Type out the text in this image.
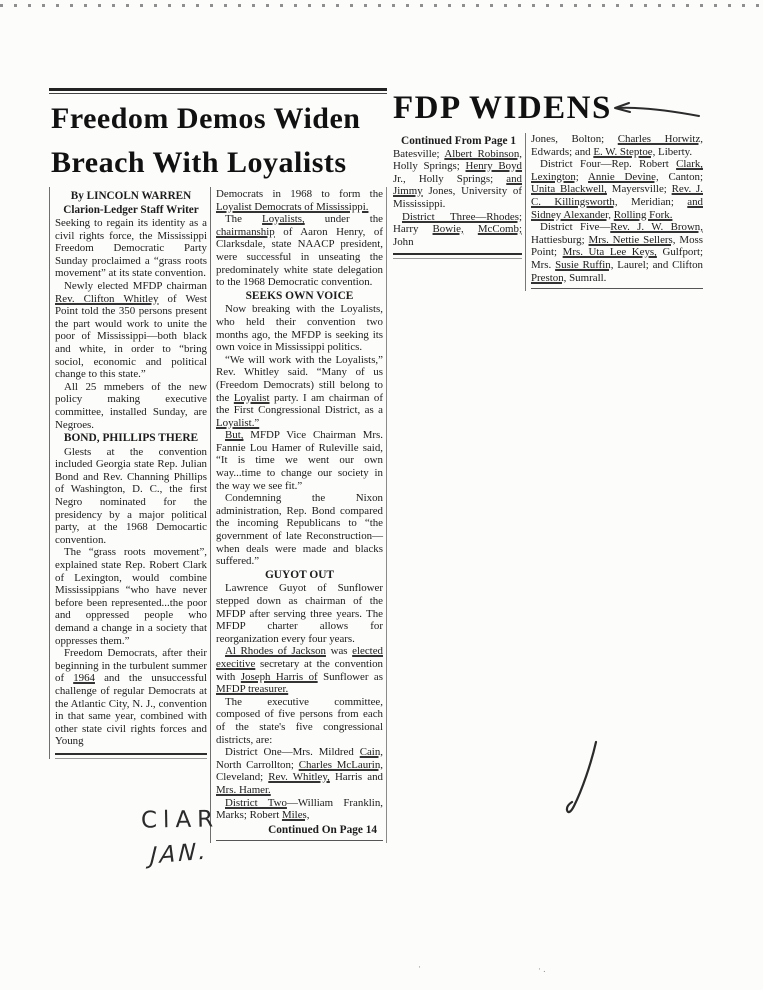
Freedom Demos Widen
Breach With Loyalists

By LINCOLN WARREN

Clarion-Ledger Staff Writer

Seeking to regain its identity as a civil rights force, the Mississippi Freedom Democratic Party Sunday proclaimed a “grass roots movement” at its state convention.

Newly elected MFDP chairman Rev. Clifton Whitley of West Point told the 350 persons present the part would work to unite the poor of Mississippi—both black and white, in order to “bring sociol, economic and political change to this state.”

All 25 mmebers of the new policy making executive committee, installed Sunday, are Negroes.

BOND, PHILLIPS THERE

Glests at the convention included Georgia state Rep. Julian Bond and Rev. Channing Phillips of Washington, D. C., the first Negro nominated for the presidency by a major political party, at the 1968 Democartic convention.

The “grass roots movement”, explained state Rep. Robert Clark of Lexington, would combine Mississippians “who have never before been represented...the poor and oppressed people who demand a change in a society that oppresses them.”

Freedom Democrats, after their beginning in the turbulent summer of 1964 and the unsuccessful challenge of regular Democrats at the Atlantic City, N. J., convention in that same year, combined with other state civil rights forces and Young

Democrats in 1968 to form the Loyalist Democrats of Mississippi.

The Loyalists, under the chairmanship of Aaron Henry, of Clarksdale, state NAACP president, were successful in unseating the predominately white state delegation to the 1968 Democratic convention.

SEEKS OWN VOICE

Now breaking with the Loyalists, who held their convention two months ago, the MFDP is seeking its own voice in Mississippi politics.

“We will work with the Loyalists,” Rev. Whitley said. “Many of us (Freedom Democrats) still belong to the Loyalist party. I am chairman of the First Congressional District, as a Loyalist.”

But, MFDP Vice Chairman Mrs. Fannie Lou Hamer of Ruleville said, “It is time we went our own way...time to change our society in the way we see fit.”

Condemning the Nixon administration, Rep. Bond compared the incoming Republicans to “the government of late Reconstruction—when deals were made and blacks suffered.”

GUYOT OUT

Lawrence Guyot of Sunflower stepped down as chairman of the MFDP after serving three years. The MFDP charter allows for reorganization every four years.

Al Rhodes of Jackson was elected execitive secretary at the convention with Joseph Harris of Sunflower as MFDP treasurer.

The executive committee, composed of five persons from each of the state's five congressional districts, are:

District One—Mrs. Mildred Cain, North Carrollton; Charles McLaurin, Cleveland; Rev. Whitley, Harris and Mrs. Hamer.

District Two—William Franklin, Marks; Robert Miles,

Continued On Page 14

FDP WIDENS

Continued From Page 1

Batesville; Albert Robinson, Holly Springs; Henry Boyd Jr., Holly Springs; and Jimmy Jones, University of Mississippi.

District Three—Rhodes; Harry Bowie, McComb; John

Jones, Bolton; Charles Horwitz, Edwards; and E. W. Steptoe, Liberty.

District Four—Rep. Robert Clark, Lexington; Annie Devine, Canton; Unita Blackwell, Mayersville; Rev. J. C. Killingsworth, Meridian; and Sidney Alexander, Rolling Fork.

District Five—Rev. J. W. Brown, Hattiesburg; Mrs. Nettie Sellers, Moss Point; Mrs. Uta Lee Keys, Gulfport; Mrs. Susie Ruffin, Laurel; and Clifton Preston, Sumrall.

ClAR
JAN.
·	· .
